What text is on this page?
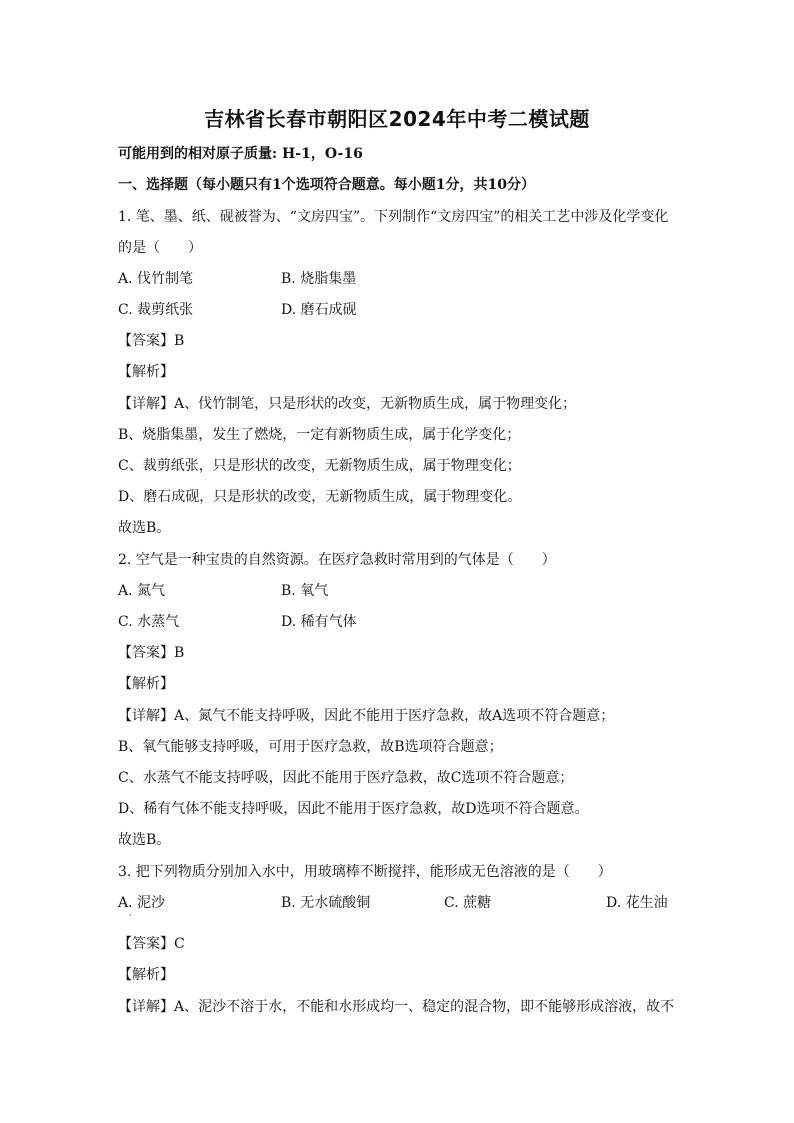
吉林省长春市朝阳区2024年中考二模试题
可能用到的相对原子质量: H-1，O-16
一、选择题（每小题只有1个选项符合题意。每小题1分，共10分）
1. 笔、墨、纸、砚被誉为、“文房四宝”。下列制作“文房四宝”的相关工艺中涉及化学变化
的是（　　）
A. 伐竹制笔	B. 烧脂集墨
C. 裁剪纸张	D. 磨石成砚
【答案】B
【解析】
【详解】A、伐竹制笔，只是形状的改变，无新物质生成，属于物理变化；
B、烧脂集墨，发生了燃烧，一定有新物质生成，属于化学变化；
C、裁剪纸张，只是形状的改变，无新物质生成，属于物理变化；
D、磨石成砚，只是形状的改变，无新物质生成，属于物理变化。
故选B。
2. 空气是一种宝贵的自然资源。在医疗急救时常用到的气体是（　　）
A. 氮气	B. 氧气
C. 水蒸气	D. 稀有气体
【答案】B
【解析】
【详解】A、氮气不能支持呼吸，因此不能用于医疗急救，故A选项不符合题意；
B、氧气能够支持呼吸，可用于医疗急救，故B选项符合题意；
C、水蒸气不能支持呼吸，因此不能用于医疗急救，故C选项不符合题意；
D、稀有气体不能支持呼吸，因此不能用于医疗急救，故D选项不符合题意。
故选B。
3. 把下列物质分别加入水中，用玻璃棒不断搅拌，能形成无色溶液的是（　　）
A. 泥沙	B. 无水硫酸铜	C. 蔗糖	D. 花生油
·
【答案】C
【解析】
【详解】A、泥沙不溶于水，不能和水形成均一、稳定的混合物，即不能够形成溶液，故不
